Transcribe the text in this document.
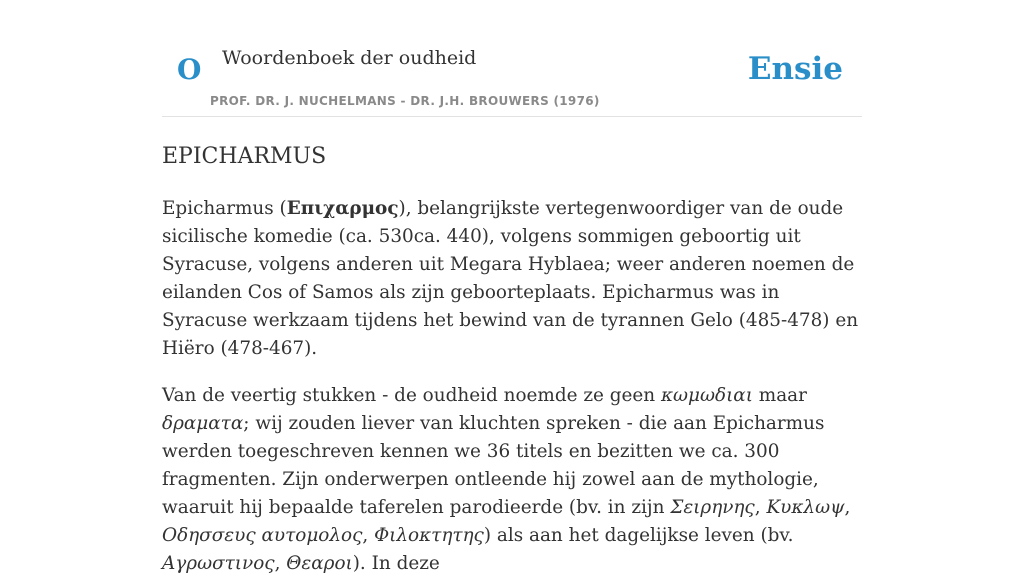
O Woordenboek der oudheid
PROF. DR. J. NUCHELMANS - DR. J.H. BROUWERS (1976)
Ensie
EPICHARMUS

Epicharmus (Επιχαρμος), belangrijkste vertegenwoordiger van de oude sicilische komedie (ca. 530ca. 440), volgens sommigen geboortig uit Syracuse, volgens anderen uit Megara Hyblaea; weer anderen noemen de eilanden Cos of Samos als zijn geboorteplaats. Epicharmus was in Syracuse werkzaam tijdens het bewind van de tyrannen Gelo (485-478) en Hiëro (478-467).

Van de veertig stukken - de oudheid noemde ze geen κωμωδιαι maar δραματα; wij zouden liever van kluchten spreken - die aan Epicharmus werden toegeschreven kennen we 36 titels en bezitten we ca. 300 fragmenten. Zijn onderwerpen ontleende hij zowel aan de mythologie, waaruit hij bepaalde taferelen parodieerde (bv. in zijn Σειρηνης, Κυκλωψ, Οδησσευς αυτομολος, Φιλοκτητης) als aan het dagelijkse leven (bv. Αγρωστινος, Θεαροι). In deze
